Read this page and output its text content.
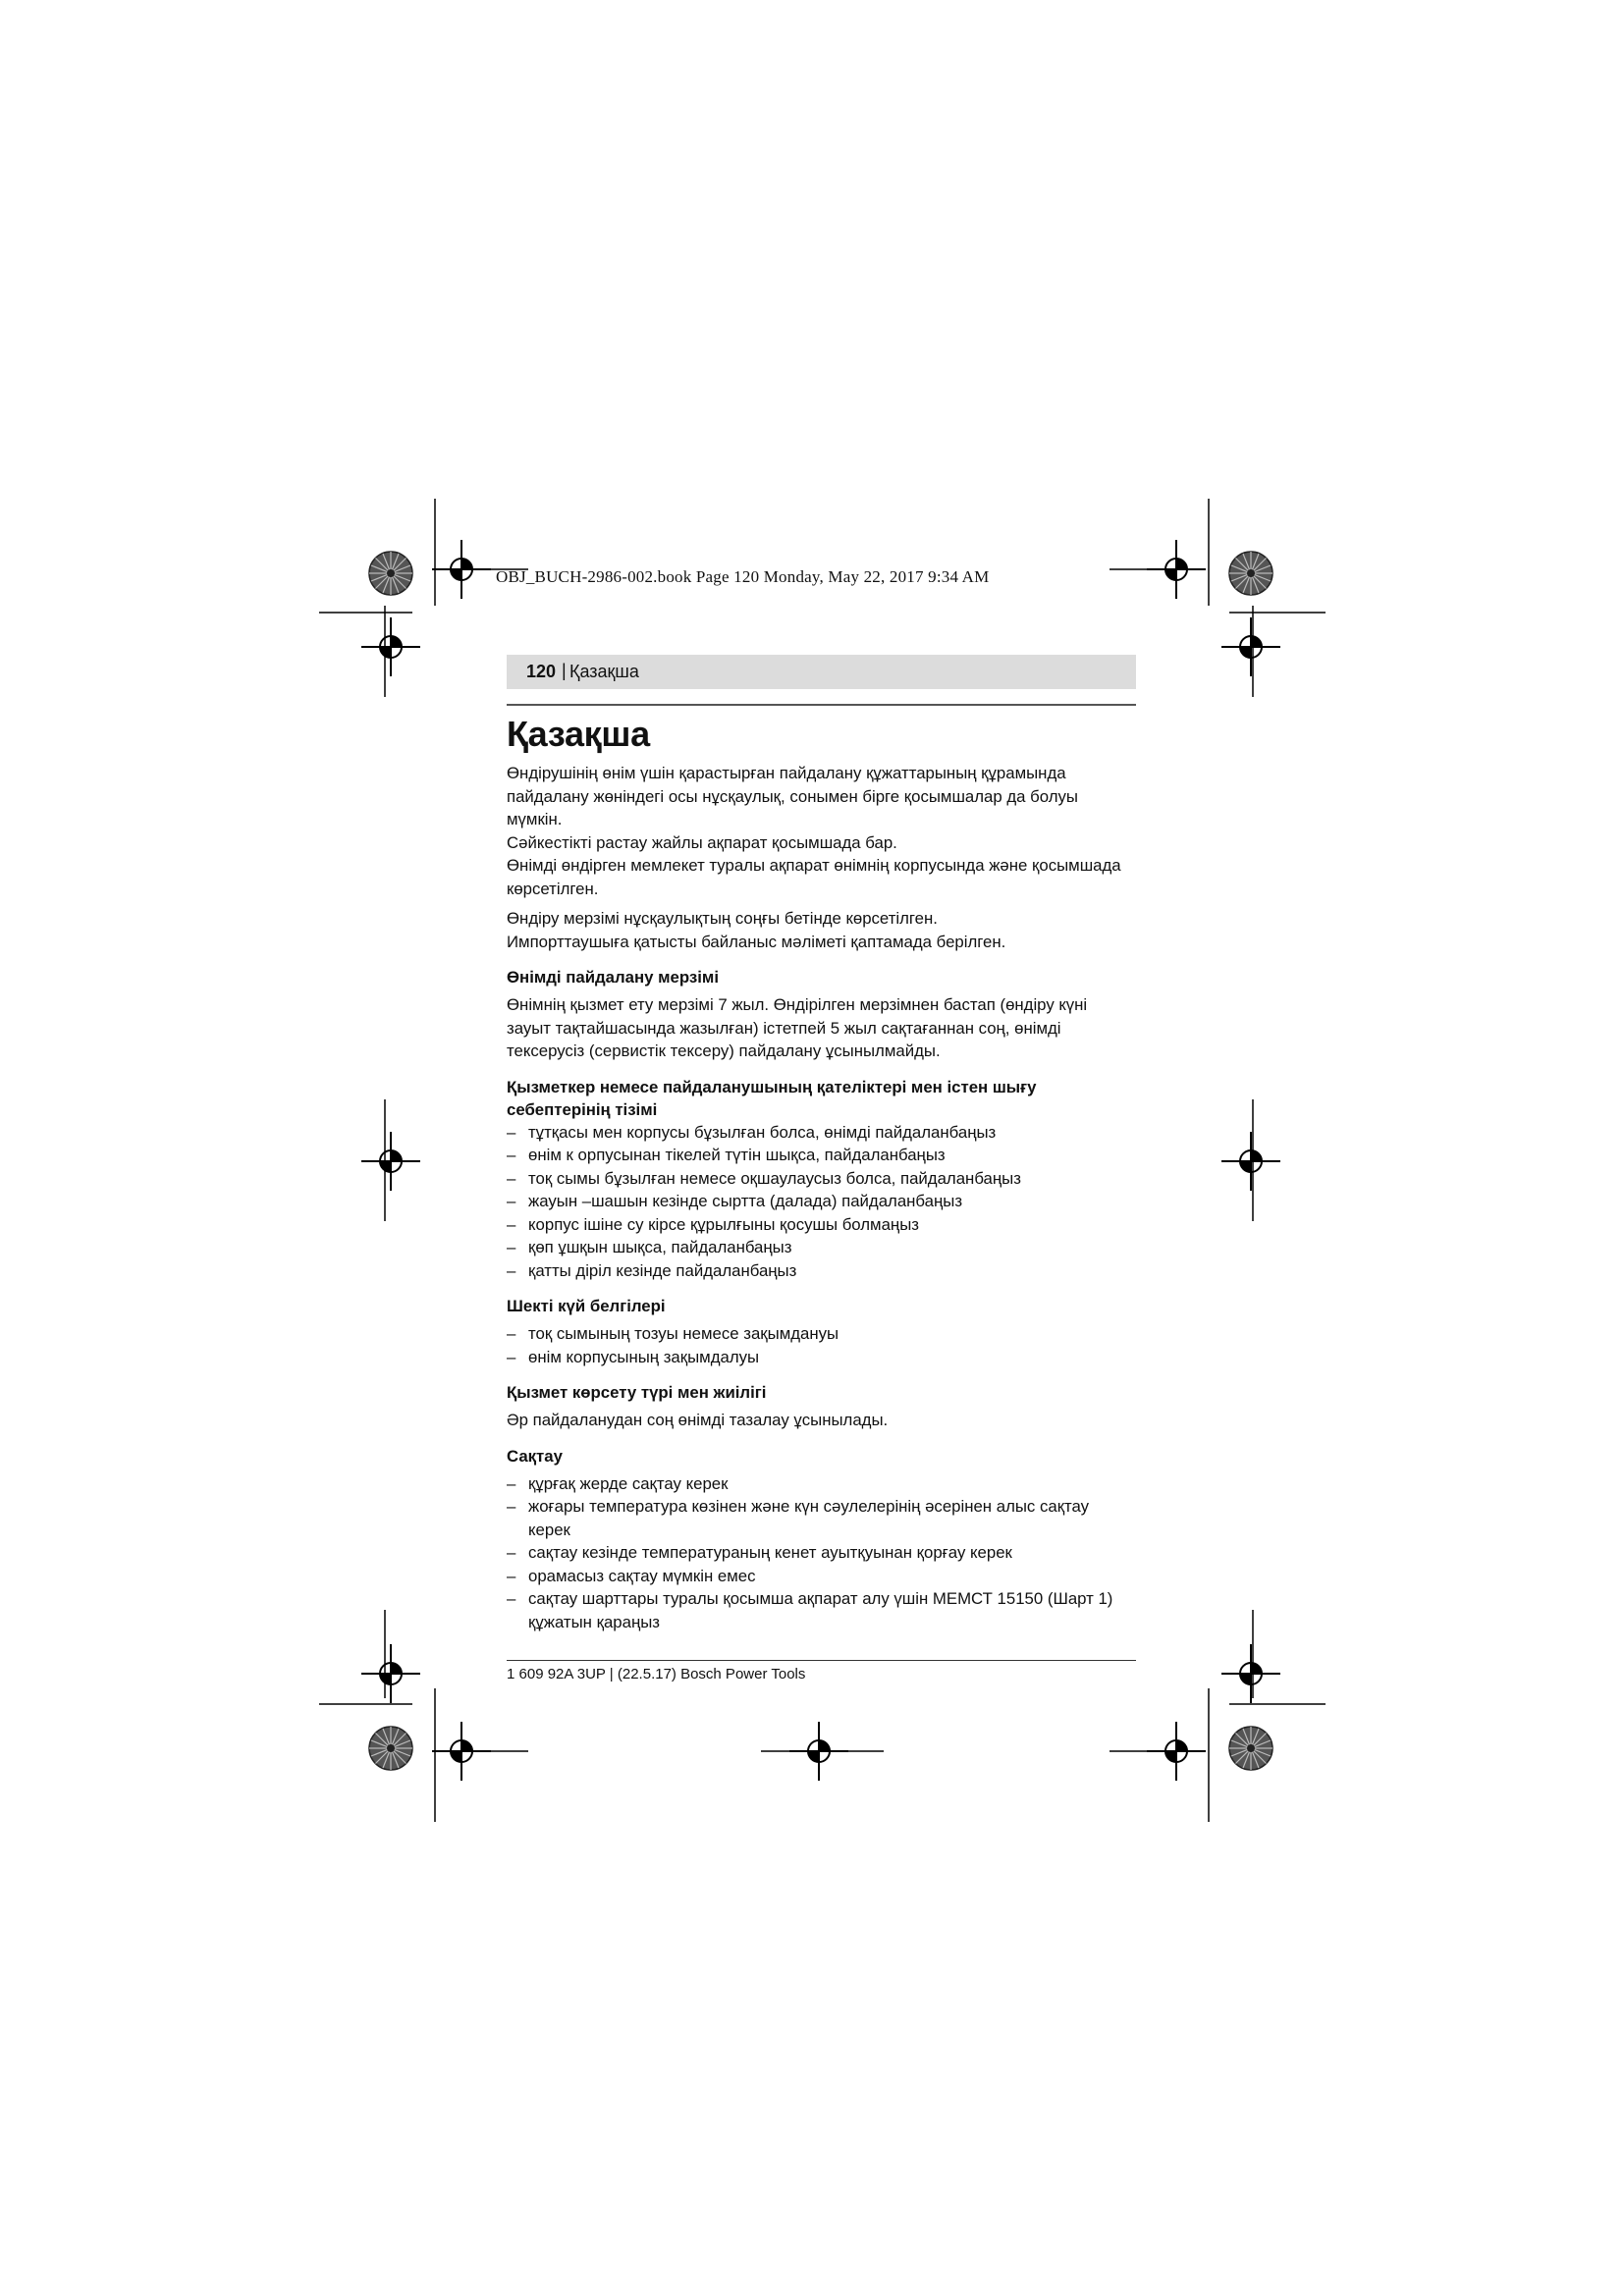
OBJ_BUCH-2986-002.book Page 120 Monday, May 22, 2017 9:34 AM
120 | Қазақша
Қазақша

Өндірушінің өнім үшін қарастырған пайдалану құжаттарының құрамында

пайдалану жөніндегі осы нұсқаулық, сонымен бірге қосымшалар да болуы

мүмкін.

Сәйкестікті растау жайлы ақпарат қосымшада бар.

Өнімді өндірген мемлекет туралы ақпарат өнімнің корпусында және қосымшада

көрсетілген.

Өндіру мерзімі нұсқаулықтың соңғы бетінде көрсетілген.

Импорттаушыға қатысты байланыс мәліметі қаптамада берілген.

Өнімді пайдалану мерзімі

Өнімнің қызмет ету мерзімі 7 жыл. Өндірілген мерзімнен бастап (өндіру күні

зауыт тақтайшасында жазылған) істетпей 5 жыл сақтағаннан соң, өнімді

тексерусіз (сервистік тексеру) пайдалану ұсынылмайды.

Қызметкер немесе пайдаланушының қателіктері мен істен шығу
себептерінің тізімі
– тұтқасы мен корпусы бұзылған болса, өнімді пайдаланбаңыз
– өнім к орпусынан тікелей түтін шықса, пайдаланбаңыз
– тоқ сымы бұзылған немесе оқшаулаусыз болса, пайдаланбаңыз
– жауын –шашын кезінде сыртта (далада) пайдаланбаңыз
– корпус ішіне су кірсе құрылғыны қосушы болмаңыз
– қөп ұшқын шықса, пайдаланбаңыз
– қатты діріл кезінде пайдаланбаңыз
Шекті күй белгілері
– тоқ сымының тозуы немесе зақымдануы
– өнім корпусының зақымдалуы
Қызмет көрсету түрі мен жиілігі

Әр пайдаланудан соң өнімді тазалау ұсынылады.

Сақтау
– құрғақ жерде сақтау керек
– жоғары температура көзінен және күн сәулелерінің әсерінен алыс сақтау
керек
– сақтау кезінде температураның кенет ауытқуынан қорғау керек
– орамасыз сақтау мүмкін емес
– сақтау шарттары туралы қосымша ақпарат алу үшін МЕМСТ 15150 (Шарт 1)
құжатын қараңыз
1 609 92A 3UP | (22.5.17) Bosch Power Tools
